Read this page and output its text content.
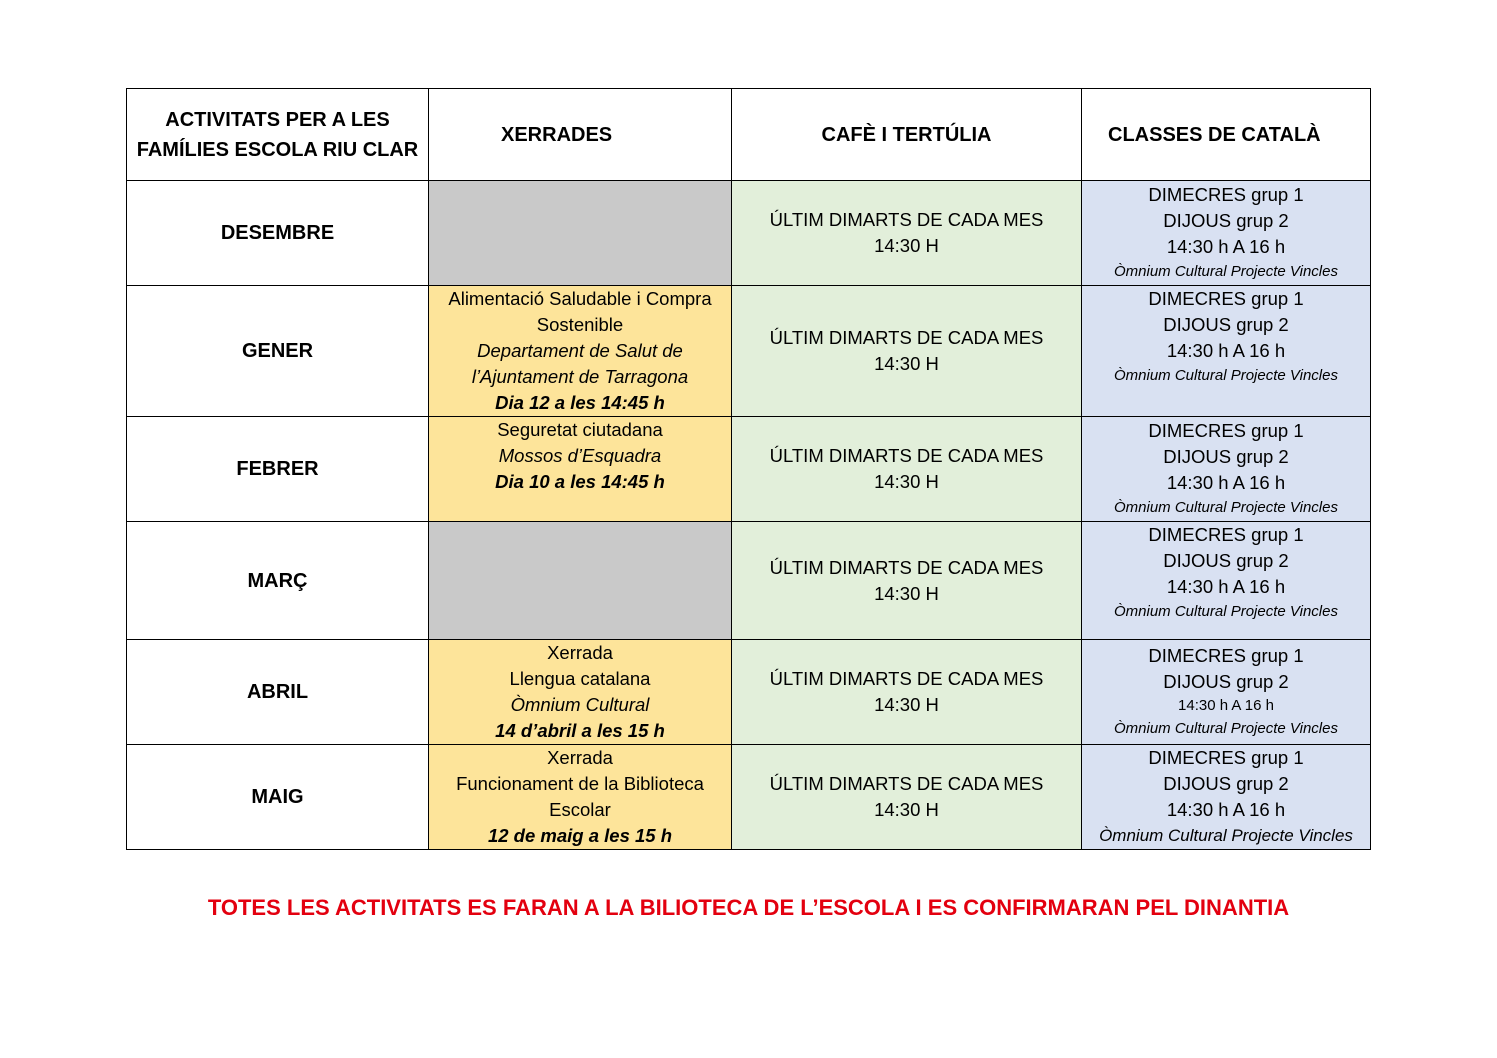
ACTIVITATS PER A LES
FAMÍLIES ESCOLA RIU CLAR	XERRADES	CAFÈ I TERTÚLIA	CLASSES DE CATALÀ
DESEMBRE		ÚLTIM DIMARTS DE CADA MES
14:30 H	DIMECRES grup 1
DIJOUS grup 2
14:30 h A 16 h
Òmnium Cultural Projecte Vincles

GENER	Alimentació Saludable i Compra
Sostenible
Departament de Salut de
l’Ajuntament de Tarragona
Dia 12 a les 14:45 h	ÚLTIM DIMARTS DE CADA MES
14:30 H	DIMECRES grup 1
DIJOUS grup 2
14:30 h A 16 h
Òmnium Cultural Projecte Vincles

FEBRER	Seguretat ciutadana
Mossos d’Esquadra
Dia 10 a les 14:45 h	ÚLTIM DIMARTS DE CADA MES
14:30 H	DIMECRES grup 1
DIJOUS grup 2
14:30 h A 16 h
Òmnium Cultural Projecte Vincles

MARÇ		ÚLTIM DIMARTS DE CADA MES
14:30 H	DIMECRES grup 1
DIJOUS grup 2
14:30 h A 16 h
Òmnium Cultural Projecte Vincles

ABRIL	Xerrada
Llengua catalana
Òmnium Cultural
14 d’abril a les 15 h	ÚLTIM DIMARTS DE CADA MES
14:30 H	DIMECRES grup 1
DIJOUS grup 2
14:30 h A 16 h
Òmnium Cultural Projecte Vincles

MAIG	Xerrada
Funcionament de la Biblioteca
Escolar
12 de maig a les 15 h	ÚLTIM DIMARTS DE CADA MES
14:30 H	DIMECRES grup 1
DIJOUS grup 2
14:30 h A 16 h
Òmnium Cultural Projecte Vincles
TOTES LES ACTIVITATS ES FARAN A LA BILIOTECA DE L’ESCOLA I ES CONFIRMARAN PEL DINANTIA
